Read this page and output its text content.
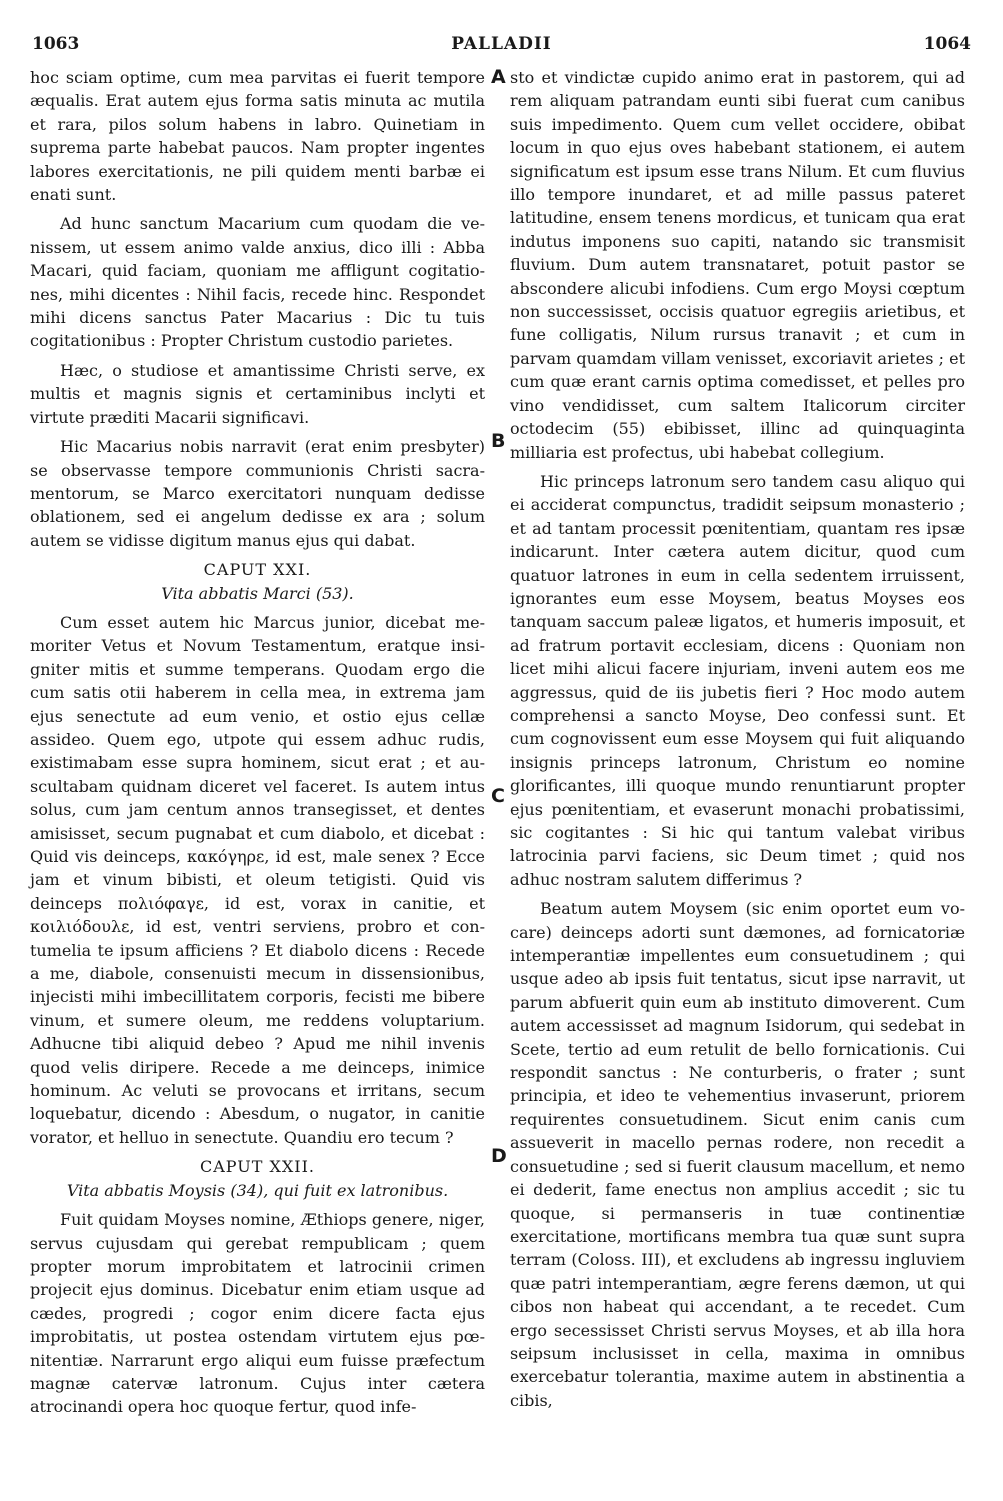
1063	PALLADII	1064
A
B
C
D

hoc sciam optime, cum mea parvitas ei fuerit tempore æqualis. Erat autem ejus forma satis minuta ac mutila et rara, pilos solum habens in labro. Quinetiam in suprema parte habebat paucos. Nam propter ingentes labores exercitationis, ne pili quidem menti barbæ ei enati sunt.

Ad hunc sanctum Macarium cum quodam die venissem, ut essem animo valde anxius, dico illi : Abba Macari, quid faciam, quoniam me affligunt cogitationes, mihi dicentes : Nihil facis, recede hinc. Respondet mihi dicens sanctus Pater Macarius : Dic tu tuis cogitationibus : Propter Christum custodio parietes.

Hæc, o studiose et amantissime Christi serve, ex multis et magnis signis et certaminibus inclyti et virtute præditi Macarii significavi.

Hic Macarius nobis narravit (erat enim presbyter) se observasse tempore communionis Christi sacramentorum, se Marco exercitatori nunquam dedisse oblationem, sed ei angelum dedisse ex ara ; solum autem se vidisse digitum manus ejus qui dabat.

CAPUT XXI.
Vita abbatis Marci (53).

Cum esset autem hic Marcus junior, dicebat memoriter Vetus et Novum Testamentum, eratque insigniter mitis et summe temperans. Quodam ergo die cum satis otii haberem in cella mea, in extrema jam ejus senectute ad eum venio, et ostio ejus cellæ assideo. Quem ego, utpote qui essem adhuc rudis, existimabam esse supra hominem, sicut erat ; et auscultabam quidnam diceret vel faceret. Is autem intus solus, cum jam centum annos transegisset, et dentes amisisset, secum pugnabat et cum diabolo, et dicebat : Quid vis deinceps, κακόγηρε, id est, male senex ? Ecce jam et vinum bibisti, et oleum tetigisti. Quid vis deinceps πολιόφαγε, id est, vorax in canitie, et κοιλιόδουλε, id est, ventri serviens, probro et contumelia te ipsum afficiens ? Et diabolo dicens : Recede a me, diabole, consenuisti mecum in dissensionibus, injecisti mihi imbecillitatem corporis, fecisti me bibere vinum, et sumere oleum, me reddens voluptarium. Adhucne tibi aliquid debeo ? Apud me nihil invenis quod velis diripere. Recede a me deinceps, inimice hominum. Ac veluti se provocans et irritans, secum loquebatur, dicendo : Abesdum, o nugator, in canitie vorator, et helluo in senectute. Quandiu ero tecum ?

CAPUT XXII.
Vita abbatis Moysis (34), qui fuit ex latronibus.

Fuit quidam Moyses nomine, Æthiops genere, niger, servus cujusdam qui gerebat rempublicam ; quem propter morum improbitatem et latrocinii crimen projecit ejus dominus. Dicebatur enim etiam usque ad cædes, progredi ; cogor enim dicere facta ejus improbitatis, ut postea ostendam virtutem ejus pœnitentiæ. Narrarunt ergo aliqui eum fuisse præfectum magnæ catervæ latronum. Cujus inter cætera atrocinandi opera hoc quoque fertur, quod infe-

sto et vindictæ cupido animo erat in pastorem, qui ad rem aliquam patrandam eunti sibi fuerat cum canibus suis impedimento. Quem cum vellet occidere, obibat locum in quo ejus oves habebant stationem, ei autem significatum est ipsum esse trans Nilum. Et cum fluvius illo tempore inundaret, et ad mille passus pateret latitudine, ensem tenens mordicus, et tunicam qua erat indutus imponens suo capiti, natando sic transmisit fluvium. Dum autem transnataret, potuit pastor se abscondere alicubi infodiens. Cum ergo Moysi cœptum non successisset, occisis quatuor egregiis arietibus, et fune colligatis, Nilum rursus tranavit ; et cum in parvam quamdam villam venisset, excoriavit arietes ; et cum quæ erant carnis optima comedisset, et pelles pro vino vendidisset, cum saltem Italicorum circiter octodecim (55) ebibisset, illinc ad quinquaginta milliaria est profectus, ubi habebat collegium.

Hic princeps latronum sero tandem casu aliquo qui ei acciderat compunctus, tradidit seipsum monasterio ; et ad tantam processit pœnitentiam, quantam res ipsæ indicarunt. Inter cætera autem dicitur, quod cum quatuor latrones in eum in cella sedentem irruissent, ignorantes eum esse Moysem, beatus Moyses eos tanquam saccum paleæ ligatos, et humeris imposuit, et ad fratrum portavit ecclesiam, dicens : Quoniam non licet mihi alicui facere injuriam, inveni autem eos me aggressus, quid de iis jubetis fieri ? Hoc modo autem comprehensi a sancto Moyse, Deo confessi sunt. Et cum cognovissent eum esse Moysem qui fuit aliquando insignis princeps latronum, Christum eo nomine glorificantes, illi quoque mundo renuntiarunt propter ejus pœnitentiam, et evaserunt monachi probatissimi, sic cogitantes : Si hic qui tantum valebat viribus latrocinia parvi faciens, sic Deum timet ; quid nos adhuc nostram salutem differimus ?

Beatum autem Moysem (sic enim oportet eum vocare) deinceps adorti sunt dæmones, ad fornicatoriæ intemperantiæ impellentes eum consuetudinem ; qui usque adeo ab ipsis fuit tentatus, sicut ipse narravit, ut parum abfuerit quin eum ab instituto dimoverent. Cum autem accessisset ad magnum Isidorum, qui sedebat in Scete, tertio ad eum retulit de bello fornicationis. Cui respondit sanctus : Ne conturberis, o frater ; sunt principia, et ideo te vehementius invaserunt, priorem requirentes consuetudinem. Sicut enim canis cum assueverit in macello pernas rodere, non recedit a consuetudine ; sed si fuerit clausum macellum, et nemo ei dederit, fame enectus non amplius accedit ; sic tu quoque, si permanseris in tuæ continentiæ exercitatione, mortificans membra tua quæ sunt supra terram (Coloss. III), et excludens ab ingressu ingluviem quæ patri intemperantiam, ægre ferens dæmon, ut qui cibos non habeat qui accendant, a te recedet. Cum ergo secessisset Christi servus Moyses, et ab illa hora seipsum inclusisset in cella, maxima in omnibus exercebatur tolerantia, maxime autem in abstinentia a cibis,
